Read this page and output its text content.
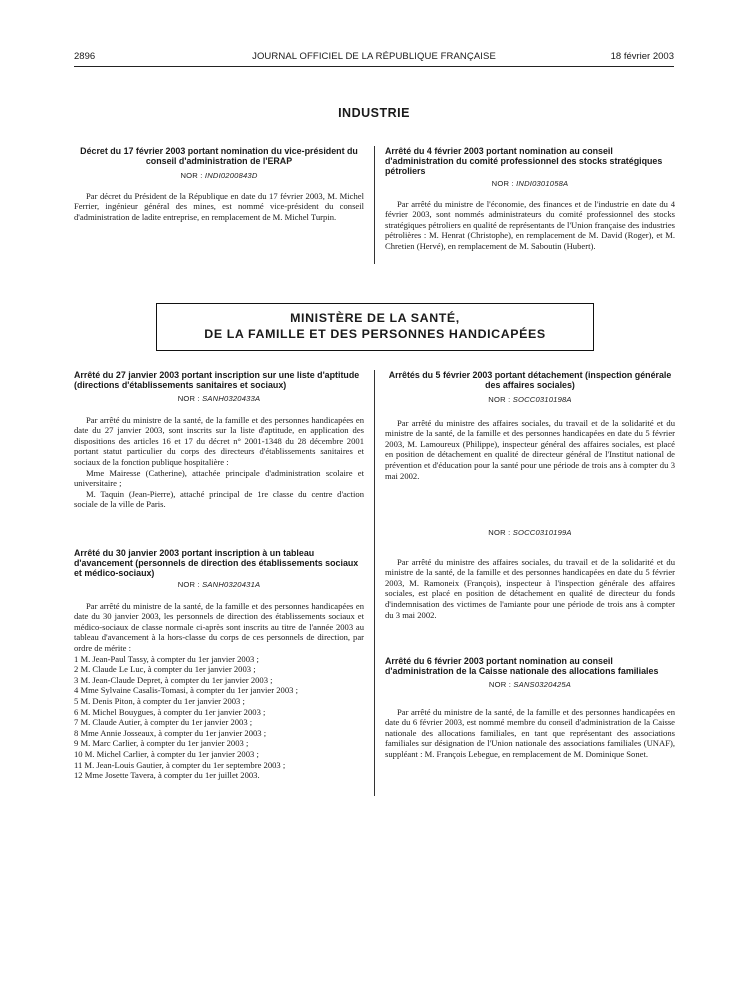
2896	JOURNAL OFFICIEL DE LA RÉPUBLIQUE FRANÇAISE	18 février 2003
INDUSTRIE

Décret du 17 février 2003 portant nomination du vice-président du conseil d'administration de l'ERAP

NOR : INDI0200843D

Par décret du Président de la République en date du 17 février 2003, M. Michel Ferrier, ingénieur général des mines, est nommé vice-président du conseil d'administration de ladite entreprise, en remplacement de M. Michel Turpin.

Arrêté du 4 février 2003 portant nomination au conseil d'administration du comité professionnel des stocks stratégiques pétroliers

NOR : INDI0301058A

Par arrêté du ministre de l'économie, des finances et de l'industrie en date du 4 février 2003, sont nommés administrateurs du comité professionnel des stocks stratégiques pétroliers en qualité de représentants de l'Union française des industries pétrolières : M. Henrat (Christophe), en remplacement de M. David (Roger), et M. Chretien (Hervé), en remplacement de M. Saboutin (Hubert).

MINISTÈRE DE LA SANTÉ,
DE LA FAMILLE ET DES PERSONNES HANDICAPÉES

Arrêté du 27 janvier 2003 portant inscription sur une liste d'aptitude (directions d'établissements sanitaires et sociaux)

NOR : SANH0320433A

Par arrêté du ministre de la santé, de la famille et des personnes handicapées en date du 27 janvier 2003, sont inscrits sur la liste d'aptitude, en application des dispositions des articles 16 et 17 du décret n° 2001-1348 du 28 décembre 2001 portant statut particulier du corps des directeurs d'établissements sanitaires et sociaux de la fonction publique hospitalière :

Mme Mairesse (Catherine), attachée principale d'administration scolaire et universitaire ;

M. Taquin (Jean-Pierre), attaché principal de 1re classe du centre d'action sociale de la ville de Paris.

Arrêté du 30 janvier 2003 portant inscription à un tableau d'avancement (personnels de direction des établissements sociaux et médico-sociaux)

NOR : SANH0320431A

Par arrêté du ministre de la santé, de la famille et des personnes handicapées en date du 30 janvier 2003, les personnels de direction des établissements sociaux et médico-sociaux de classe normale ci-après sont inscrits au titre de l'année 2003 au tableau d'avancement à la hors-classe du corps de ces personnels de direction, par ordre de mérite :

1 M. Jean-Paul Tassy, à compter du 1er janvier 2003 ;
2 M. Claude Le Luc, à compter du 1er janvier 2003 ;
3 M. Jean-Claude Depret, à compter du 1er janvier 2003 ;
4 Mme Sylvaine Casalis-Tomasi, à compter du 1er janvier 2003 ;
5 M. Denis Piton, à compter du 1er janvier 2003 ;
6 M. Michel Bouygues, à compter du 1er janvier 2003 ;
7 M. Claude Autier, à compter du 1er janvier 2003 ;
8 Mme Annie Josseaux, à compter du 1er janvier 2003 ;
9 M. Marc Carlier, à compter du 1er janvier 2003 ;
10 M. Michel Carlier, à compter du 1er janvier 2003 ;
11 M. Jean-Louis Gautier, à compter du 1er septembre 2003 ;
12 Mme Josette Tavera, à compter du 1er juillet 2003.

Arrêtés du 5 février 2003 portant détachement (inspection générale des affaires sociales)

NOR : SOCC0310198A

Par arrêté du ministre des affaires sociales, du travail et de la solidarité et du ministre de la santé, de la famille et des personnes handicapées en date du 5 février 2003, M. Lamoureux (Philippe), inspecteur général des affaires sociales, est placé en position de détachement en qualité de directeur général de l'Institut national de prévention et d'éducation pour la santé pour une période de trois ans à compter du 3 mai 2002.

NOR : SOCC0310199A

Par arrêté du ministre des affaires sociales, du travail et de la solidarité et du ministre de la santé, de la famille et des personnes handicapées en date du 5 février 2003, M. Ramoneix (François), inspecteur à l'inspection générale des affaires sociales, est placé en position de détachement en qualité de directeur du fonds d'indemnisation des victimes de l'amiante pour une période de trois ans à compter du 3 mai 2002.

Arrêté du 6 février 2003 portant nomination au conseil d'administration de la Caisse nationale des allocations familiales

NOR : SANS0320425A

Par arrêté du ministre de la santé, de la famille et des personnes handicapées en date du 6 février 2003, est nommé membre du conseil d'administration de la Caisse nationale des allocations familiales, en tant que représentant des associations familiales sur désignation de l'Union nationale des associations familiales (UNAF), suppléant : M. François Lebegue, en remplacement de M. Dominique Sonet.
